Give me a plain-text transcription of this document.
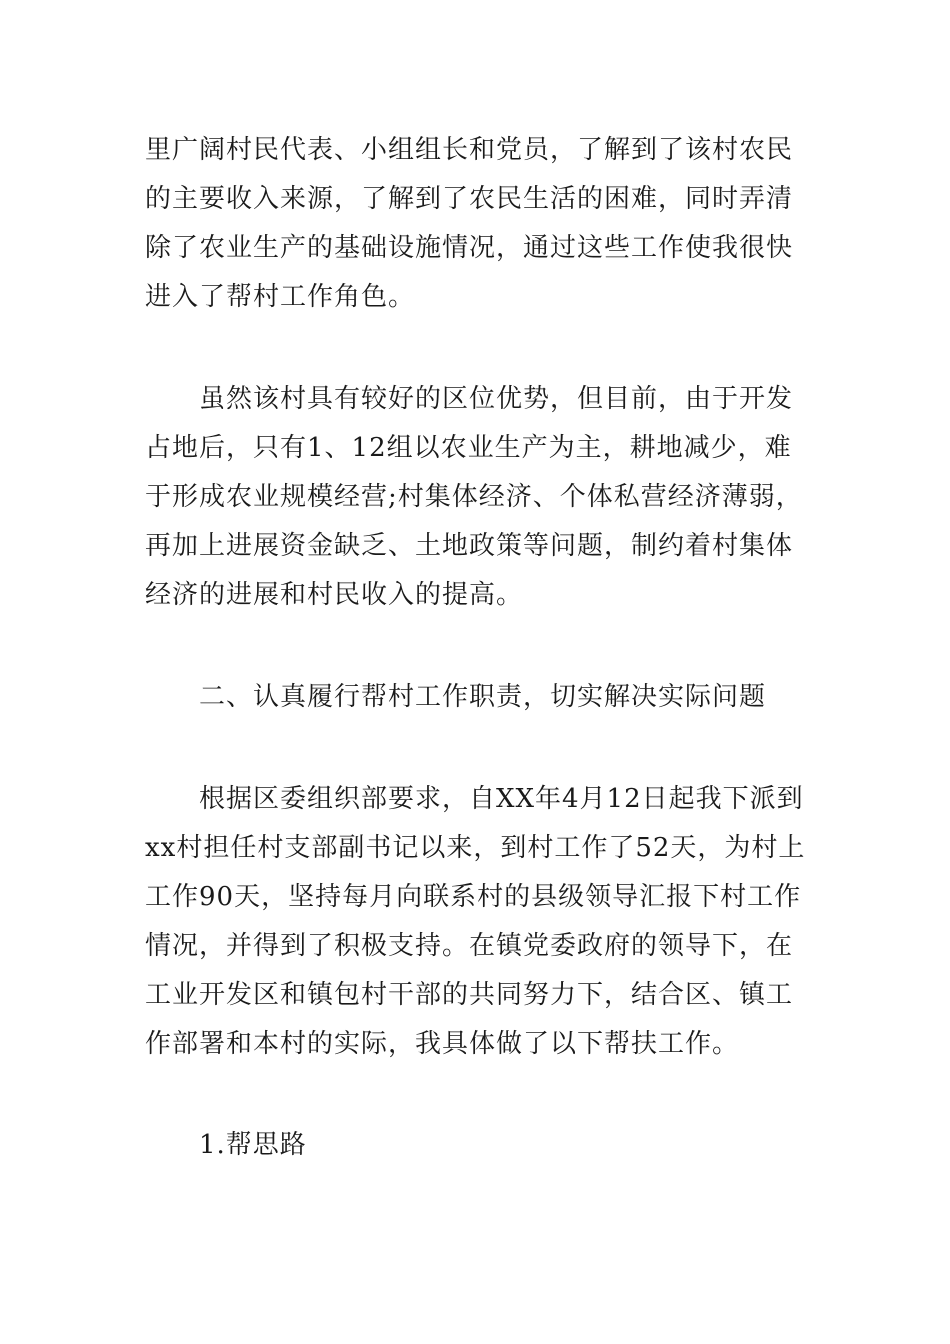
里广阔村民代表、小组组长和党员，了解到了该村农民的主要收入来源，了解到了农民生活的困难，同时弄清除了农业生产的基础设施情况，通过这些工作使我很快进入了帮村工作角色。

虽然该村具有较好的区位优势，但目前，由于开发占地后，只有1、12组以农业生产为主，耕地减少，难于形成农业规模经营;村集体经济、个体私营经济薄弱，再加上进展资金缺乏、土地政策等问题，制约着村集体经济的进展和村民收入的提高。

二、认真履行帮村工作职责，切实解决实际问题

根据区委组织部要求，自XX年4月12日起我下派到xx村担任村支部副书记以来，到村工作了52天，为村上工作90天，坚持每月向联系村的县级领导汇报下村工作情况，并得到了积极支持。在镇党委政府的领导下，在工业开发区和镇包村干部的共同努力下，结合区、镇工作部署和本村的实际，我具体做了以下帮扶工作。

1.帮思路
